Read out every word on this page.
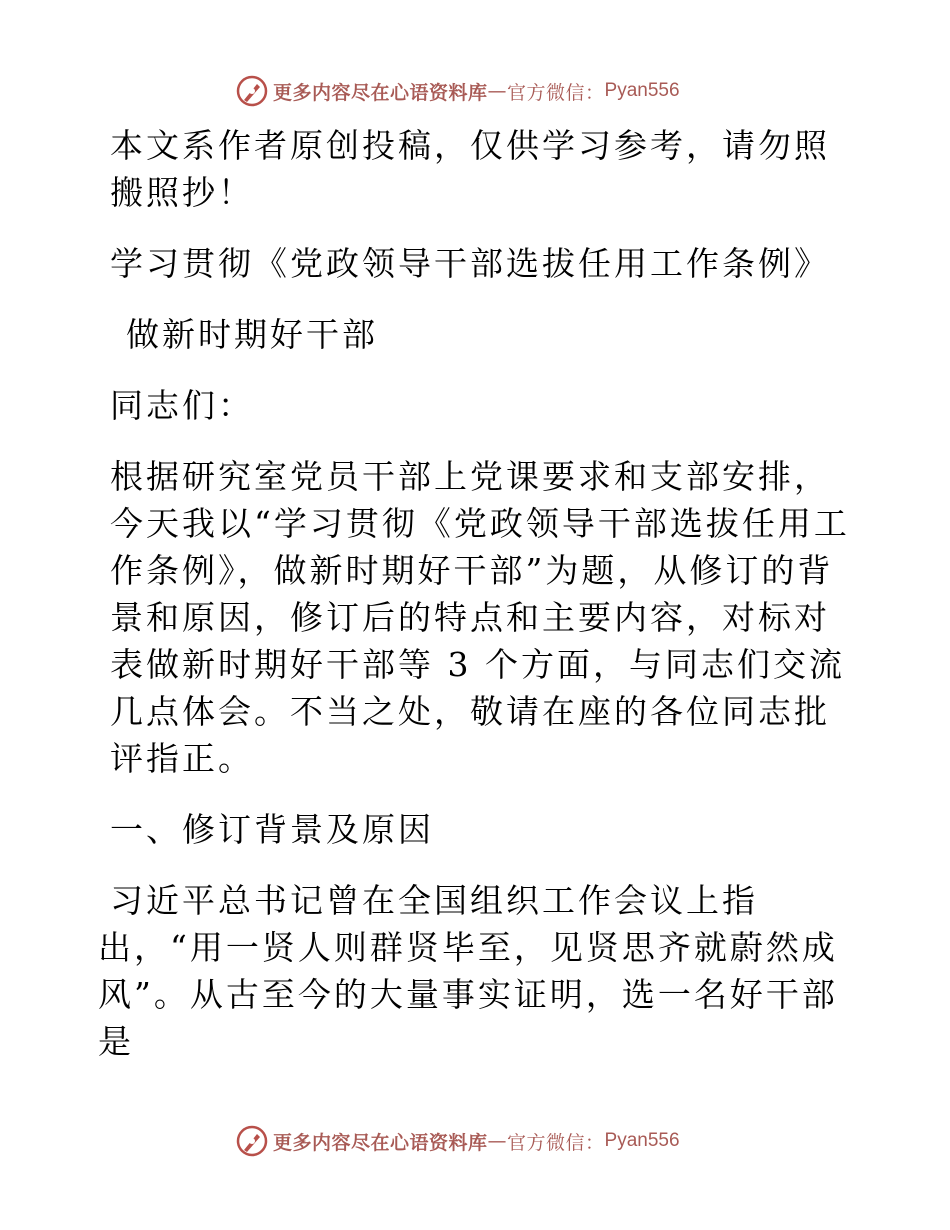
更多内容尽在心语资料库 — 官方微信： Pyan556

本文系作者原创投稿，仅供学习参考，请勿照搬照抄！

学习贯彻《党政领导干部选拔任用工作条例》

做新时期好干部

同志们：

根据研究室党员干部上党课要求和支部安排，今天我以“学习贯彻《党政领导干部选拔任用工作条例》，做新时期好干部”为题，从修订的背景和原因，修订后的特点和主要内容，对标对表做新时期好干部等 3 个方面，与同志们交流几点体会。不当之处，敬请在座的各位同志批评指正。

一、修订背景及原因

习近平总书记曾在全国组织工作会议上指

出，“用一贤人则群贤毕至，见贤思齐就蔚然成风”。从古至今的大量事实证明，选一名好干部是

更多内容尽在心语资料库 — 官方微信： Pyan556
